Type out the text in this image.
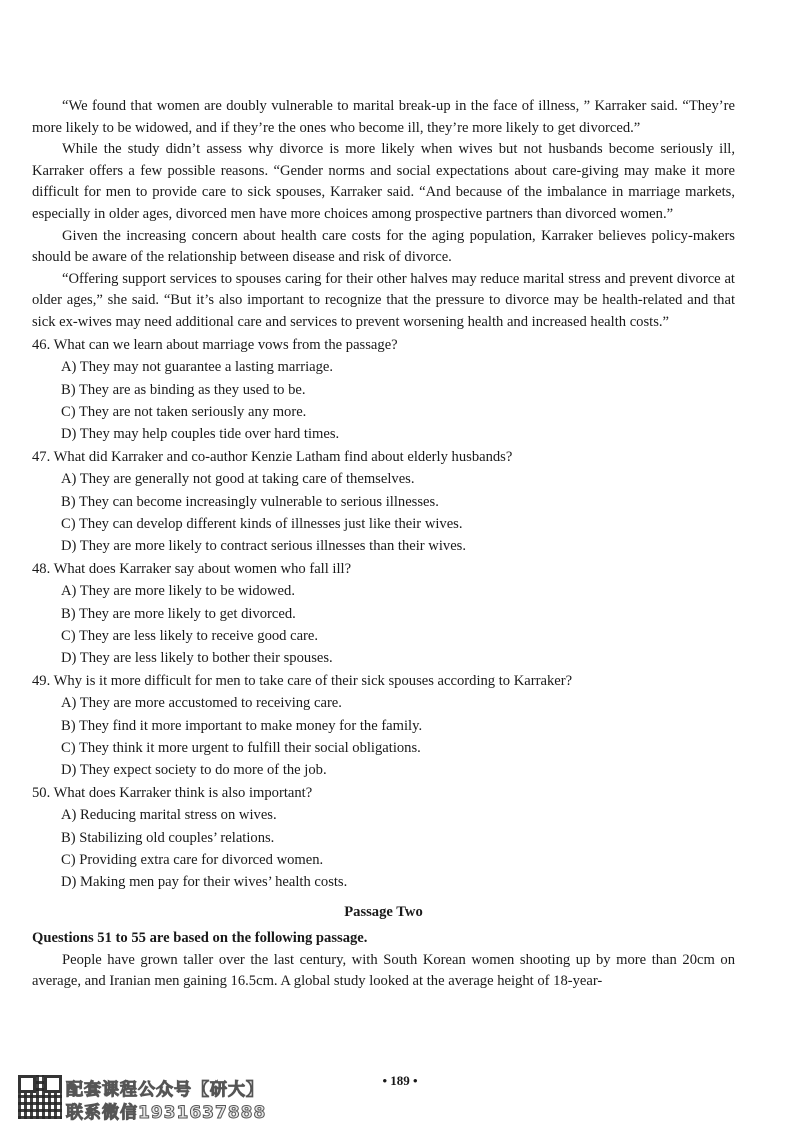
“We found that women are doubly vulnerable to marital break-up in the face of illness, ” Karraker said. “They’re more likely to be widowed, and if they’re the ones who become ill, they’re more likely to get divorced.”

While the study didn’t assess why divorce is more likely when wives but not husbands become seriously ill, Karraker offers a few possible reasons. “Gender norms and social expectations about care-giving may make it more difficult for men to provide care to sick spouses, Karraker said. “And because of the imbalance in marriage markets, especially in older ages, divorced men have more choices among prospective partners than divorced women.”

Given the increasing concern about health care costs for the aging population, Karraker believes policy-makers should be aware of the relationship between disease and risk of divorce.

“Offering support services to spouses caring for their other halves may reduce marital stress and prevent divorce at older ages,” she said. “But it’s also important to recognize that the pressure to divorce may be health-related and that sick ex-wives may need additional care and services to prevent worsening health and increased health costs.”

46. What can we learn about marriage vows from the passage?

A) They may not guarantee a lasting marriage.

B) They are as binding as they used to be.

C) They are not taken seriously any more.

D) They may help couples tide over hard times.

47. What did Karraker and co-author Kenzie Latham find about elderly husbands?

A) They are generally not good at taking care of themselves.

B) They can become increasingly vulnerable to serious illnesses.

C) They can develop different kinds of illnesses just like their wives.

D) They are more likely to contract serious illnesses than their wives.

48. What does Karraker say about women who fall ill?

A) They are more likely to be widowed.

B) They are more likely to get divorced.

C) They are less likely to receive good care.

D) They are less likely to bother their spouses.

49. Why is it more difficult for men to take care of their sick spouses according to Karraker?

A) They are more accustomed to receiving care.

B) They find it more important to make money for the family.

C) They think it more urgent to fulfill their social obligations.

D) They expect society to do more of the job.

50. What does Karraker think is also important?

A) Reducing marital stress on wives.

B) Stabilizing old couples’ relations.

C) Providing extra care for divorced women.

D) Making men pay for their wives’ health costs.

Passage Two

Questions 51 to 55 are based on the following passage.

People have grown taller over the last century, with South Korean women shooting up by more than 20cm on average, and Iranian men gaining 16.5cm. A global study looked at the average height of 18-year-

• 189 •
配套课程公众号【研大】
联系微信1931637888
